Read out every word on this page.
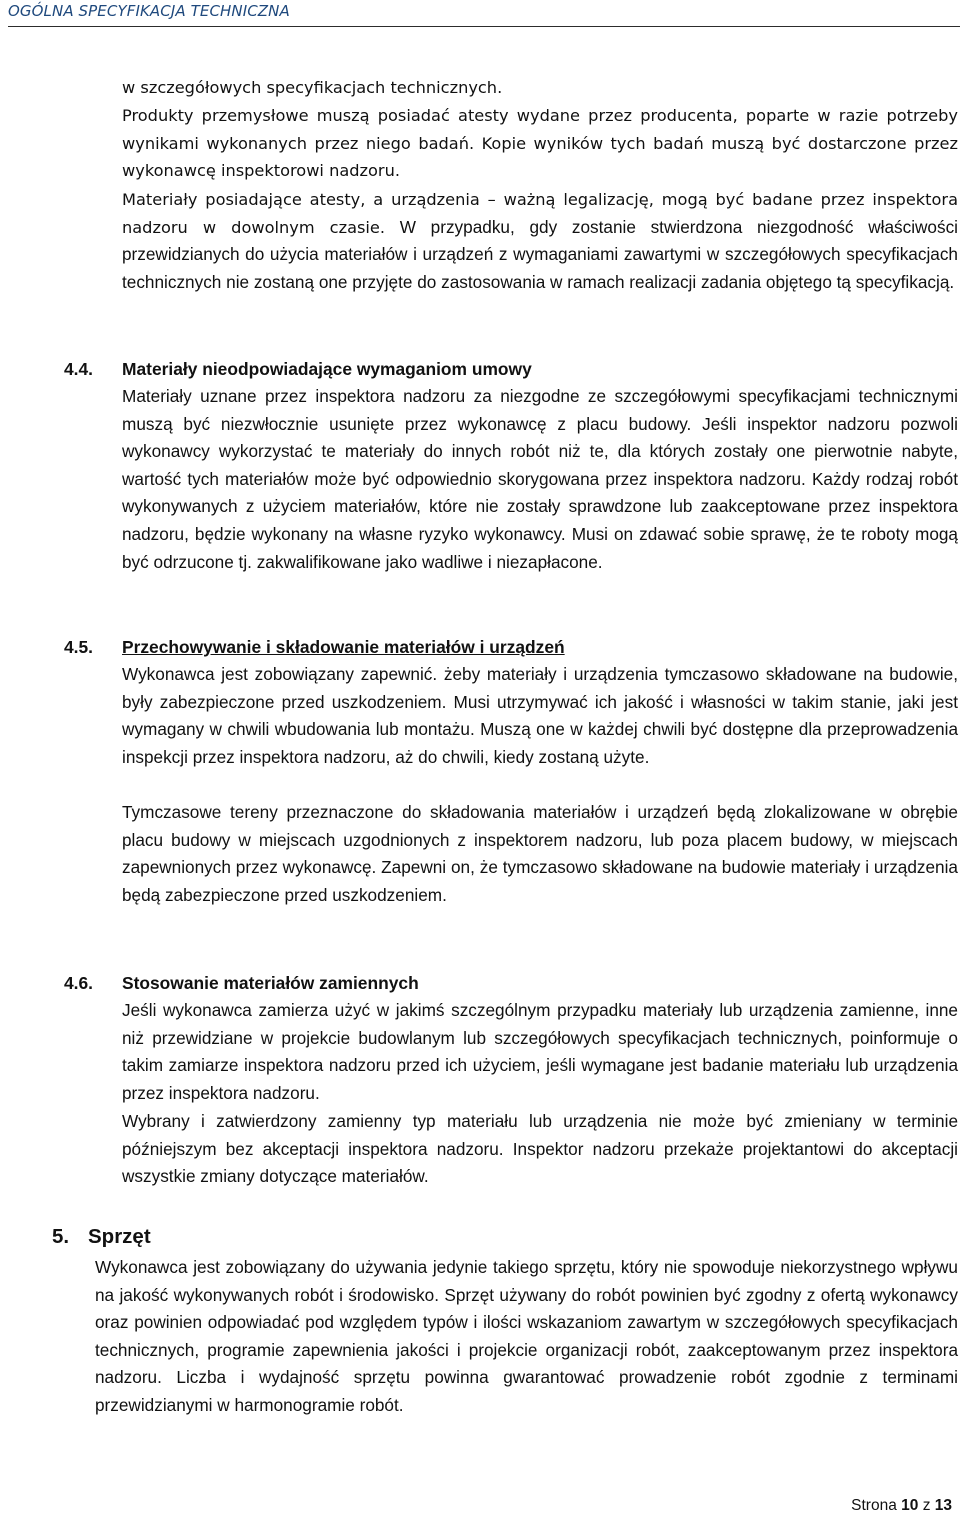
OGÓLNA SPECYFIKACJA TECHNICZNA

w szczegółowych specyfikacjach technicznych.

Produkty przemysłowe muszą posiadać atesty wydane przez producenta, poparte w razie potrzeby wynikami wykonanych przez niego badań. Kopie wyników tych badań muszą być dostarczone przez wykonawcę inspektorowi nadzoru.

Materiały posiadające atesty, a urządzenia – ważną legalizację, mogą być badane przez inspektora nadzoru w dowolnym czasie. W przypadku, gdy zostanie stwierdzona niezgodność właściwości przewidzianych do użycia materiałów i urządzeń z wymaganiami zawartymi w szczegółowych specyfikacjach technicznych nie zostaną one przyjęte do zastosowania w ramach realizacji zadania objętego tą specyfikacją.

4.4. Materiały nieodpowiadające wymaganiom umowy

Materiały uznane przez inspektora nadzoru za niezgodne ze szczegółowymi specyfikacjami technicznymi muszą być niezwłocznie usunięte przez wykonawcę z placu budowy. Jeśli inspektor nadzoru pozwoli wykonawcy wykorzystać te materiały do innych robót niż te, dla których zostały one pierwotnie nabyte, wartość tych materiałów może być odpowiednio skorygowana przez inspektora nadzoru. Każdy rodzaj robót wykonywanych z użyciem materiałów, które nie zostały sprawdzone lub zaakceptowane przez inspektora nadzoru, będzie wykonany na własne ryzyko wykonawcy. Musi on zdawać sobie sprawę, że te roboty mogą być odrzucone tj. zakwalifikowane jako wadliwe i niezapłacone.

4.5. Przechowywanie i składowanie materiałów i urządzeń

Wykonawca jest zobowiązany zapewnić. żeby materiały i urządzenia tymczasowo składowane na budowie, były zabezpieczone przed uszkodzeniem. Musi utrzymywać ich jakość i własności w takim stanie, jaki jest wymagany w chwili wbudowania lub montażu. Muszą one w każdej chwili być dostępne dla przeprowadzenia inspekcji przez inspektora nadzoru, aż do chwili, kiedy zostaną użyte.

Tymczasowe tereny przeznaczone do składowania materiałów i urządzeń będą zlokalizowane w obrębie placu budowy w miejscach uzgodnionych z inspektorem nadzoru, lub poza placem budowy, w miejscach zapewnionych przez wykonawcę. Zapewni on, że tymczasowo składowane na budowie materiały i urządzenia będą zabezpieczone przed uszkodzeniem.

4.6. Stosowanie materiałów zamiennych

Jeśli wykonawca zamierza użyć w jakimś szczególnym przypadku materiały lub urządzenia zamienne, inne niż przewidziane w projekcie budowlanym lub szczegółowych specyfikacjach technicznych, poinformuje o takim zamiarze inspektora nadzoru przed ich użyciem, jeśli wymagane jest badanie materiału lub urządzenia przez inspektora nadzoru.

Wybrany i zatwierdzony zamienny typ materiału lub urządzenia nie może być zmieniany w terminie późniejszym bez akceptacji inspektora nadzoru. Inspektor nadzoru przekaże projektantowi do akceptacji wszystkie zmiany dotyczące materiałów.

5. Sprzęt

Wykonawca jest zobowiązany do używania jedynie takiego sprzętu, który nie spowoduje niekorzystnego wpływu na jakość wykonywanych robót i środowisko. Sprzęt używany do robót powinien być zgodny z ofertą wykonawcy oraz powinien odpowiadać pod względem typów i ilości wskazaniom zawartym w szczegółowych specyfikacjach technicznych, programie zapewnienia jakości i projekcie organizacji robót, zaakceptowanym przez inspektora nadzoru. Liczba i wydajność sprzętu powinna gwarantować prowadzenie robót zgodnie z terminami przewidzianymi w harmonogramie robót.

Strona 10 z 13
